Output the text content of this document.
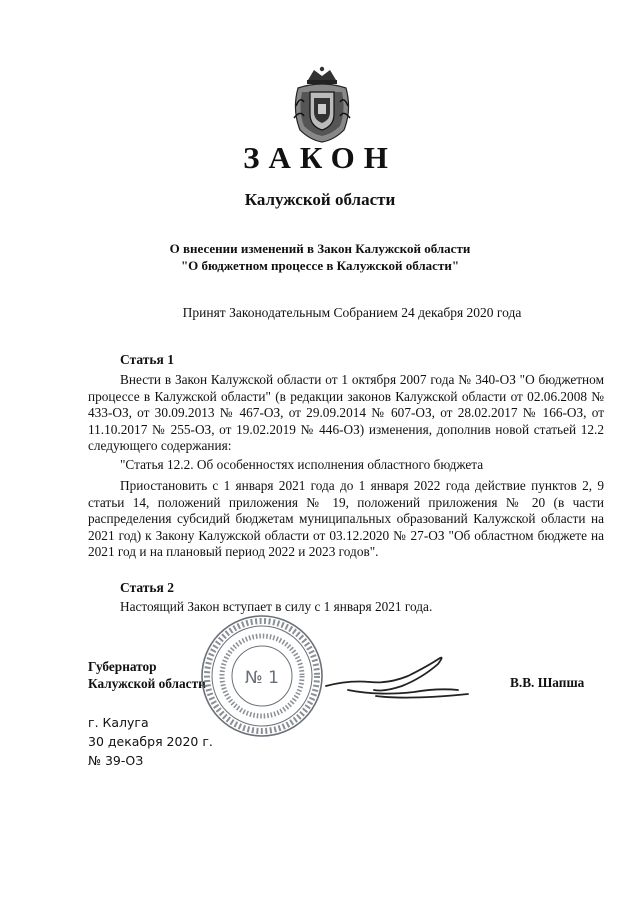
ЗАКОН
Калужской области
О внесении изменений в Закон Калужской области
"О бюджетном процессе в Калужской области"
Принят Законодательным Собранием 24 декабря 2020 года
Статья 1
Внести в Закон Калужской области от 1 октября 2007 года № 340-ОЗ "О бюджетном процессе в Калужской области" (в редакции законов Калужской области от 02.06.2008 № 433-ОЗ, от 30.09.2013 № 467-ОЗ, от 29.09.2014 № 607-ОЗ, от 28.02.2017 № 166-ОЗ, от 11.10.2017 № 255-ОЗ, от 19.02.2019 № 446-ОЗ) изменения, дополнив новой статьей 12.2 следующего содержания:
"Статья 12.2. Об особенностях исполнения областного бюджета
Приостановить с 1 января 2021 года до 1 января 2022 года действие пунктов 2, 9 статьи 14, положений приложения № 19, положений приложения № 20 (в части распределения субсидий бюджетам муниципальных образований Калужской области на 2021 год) к Закону Калужской области от 03.12.2020 № 27-ОЗ "Об областном бюджете на 2021 год и на плановый период 2022 и 2023 годов".
Статья 2
Настоящий Закон вступает в силу с 1 января 2021 года.
Губернатор
Калужской области № 1	В.В. Шапша
г. Калуга
30 декабря 2020 г.
№ 39-ОЗ
